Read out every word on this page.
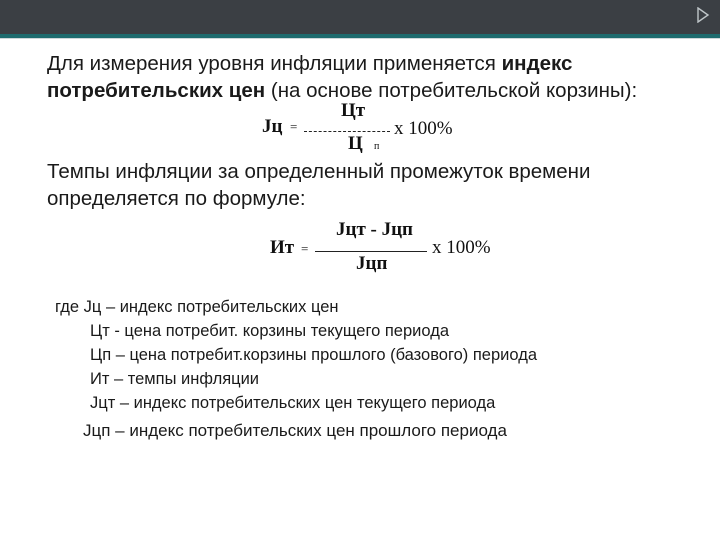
Для измерения уровня инфляции применяется индекс
потребительских цен (на основе потребительской корзины):
Jц =
Цт
Ц п
х 100%
Темпы инфляции за определенный промежуток времени
определяется по формуле:
Ит =
Jцт - Jцп
Jцп
х 100%
где Jц – индекс потребительских цен
Цт - цена потребит. корзины текущего периода
Цп – цена потребит.корзины прошлого (базового) периода
Ит – темпы инфляции
Jцт – индекс потребительских цен текущего периода
Jцп – индекс потребительских цен прошлого периода
